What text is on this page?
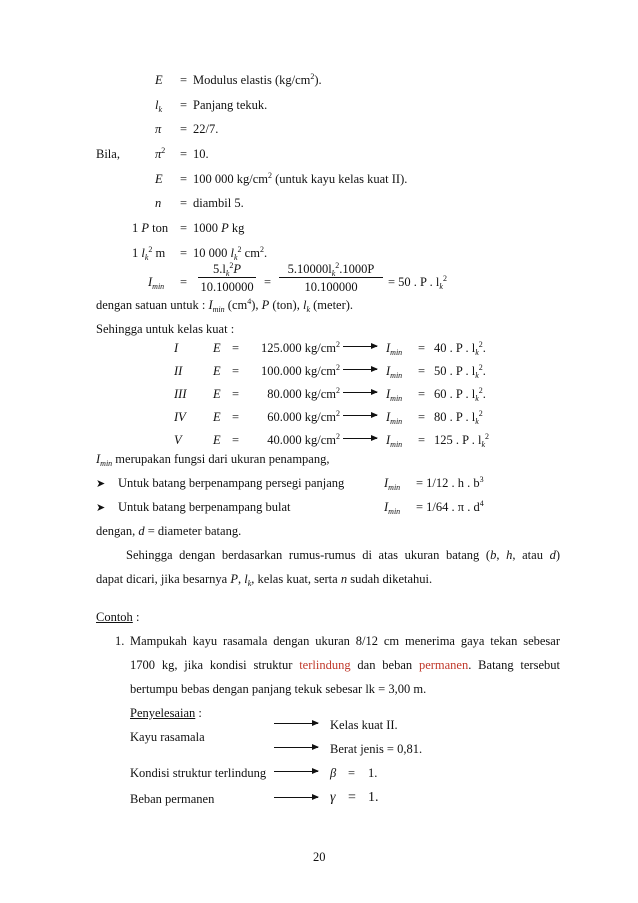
E = Modulus elastis $(kg/cm^2)$.
$l_k$ = Panjang tekuk.
π = 22/7.
Bila,	$\pi^2 = 10$.
E = 100 000 $kg/cm^2$ (untuk kayu kelas kuat II).
n = diambil 5.
1 P ton = 1000 P kg
1 $l_k^2$ m = 10 000 $l_k^2$ $cm^2$.
$I_{min}$ =
$5.l_k^2P$
10.100000 =
$5.10000l_k^2.1000P$
10.100000	= 50 . P . $l_k^2$
dengan satuan untuk : $I_{min}$ $(cm^4)$, P (ton), $l_k$ (meter).
Sehingga untuk kelas kuat :
I	E = 125.000 $kg/cm^2$	$I_{min} = 40$ . P . $l_k^2$.
II E = 100.000 $kg/cm^2$	$I_{min} = 50$ . P . $l_k^2$.
III E = 80.000 $kg/cm^2$	$I_{min} = 60$ . P . $l_k^2$.
IV E = 60.000 $kg/cm^2$	$I_{min} = 80$ . P . $l_k^2$
V	E = 40.000 $kg/cm^2$	$I_{min} = 125$ . P . $l_k^2$
$I_{min}$ merupakan fungsi dari ukuran penampang,
➤ Untuk batang berpenampang persegi panjang	$I_{min} = 1/12$ . h . $b^3$
➤ Untuk batang berpenampang bulat	$I_{min} = 1/64$ . π . $d^4$
dengan, d = diameter batang.
Sehingga dengan berdasarkan rumus-rumus di atas ukuran batang (b, h, atau d)
dapat dicari, jika besarnya P, $l_k$, kelas kuat, serta n sudah diketahui.
Contoh :
1. Mampukah kayu rasamala dengan ukuran 8/12 cm menerima gaya tekan sebesar
1700 kg, jika kondisi struktur terlindung dan beban permanen. Batang tersebut
bertumpu bebas dengan panjang tekuk sebesar lk = 3,00 m.
Penyelesaian :
Kayu rasamala
Kelas kuat II.
Berat jenis = 0,81.
Kondisi struktur terlindung	β = 1.
Beban permanen	γ = 1.
20
